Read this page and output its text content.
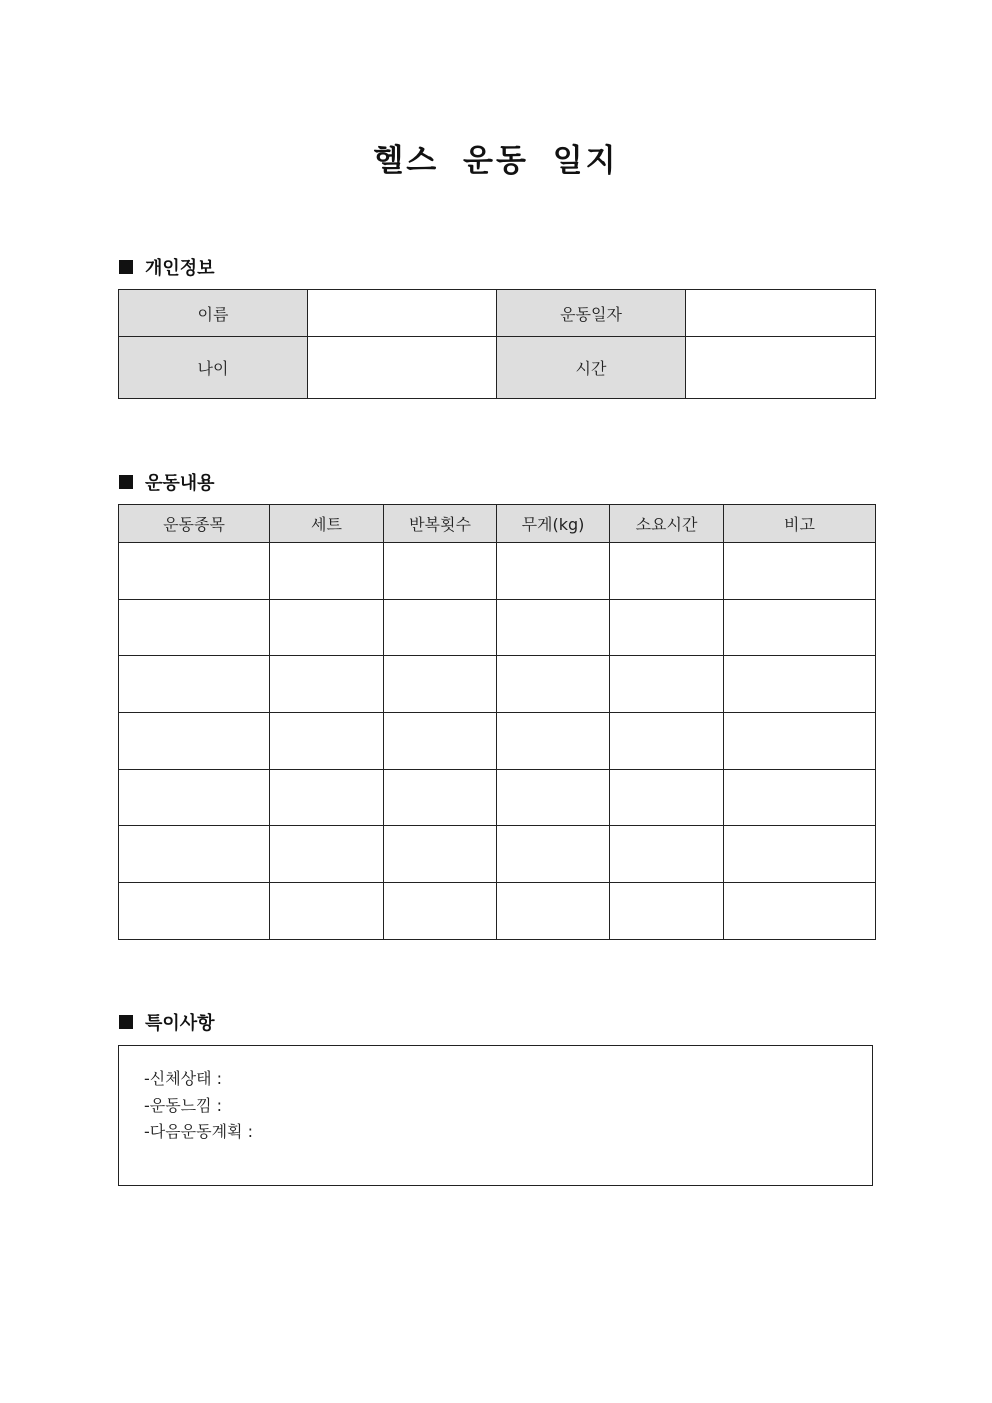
헬스 운동 일지
개인정보
이름		운동일자	
나이		시간	
운동내용
운동종목	세트	반복횟수	무게(kg)	소요시간	비고

특이사항
-신체상태 :
-운동느낌 :
-다음운동계획 :
